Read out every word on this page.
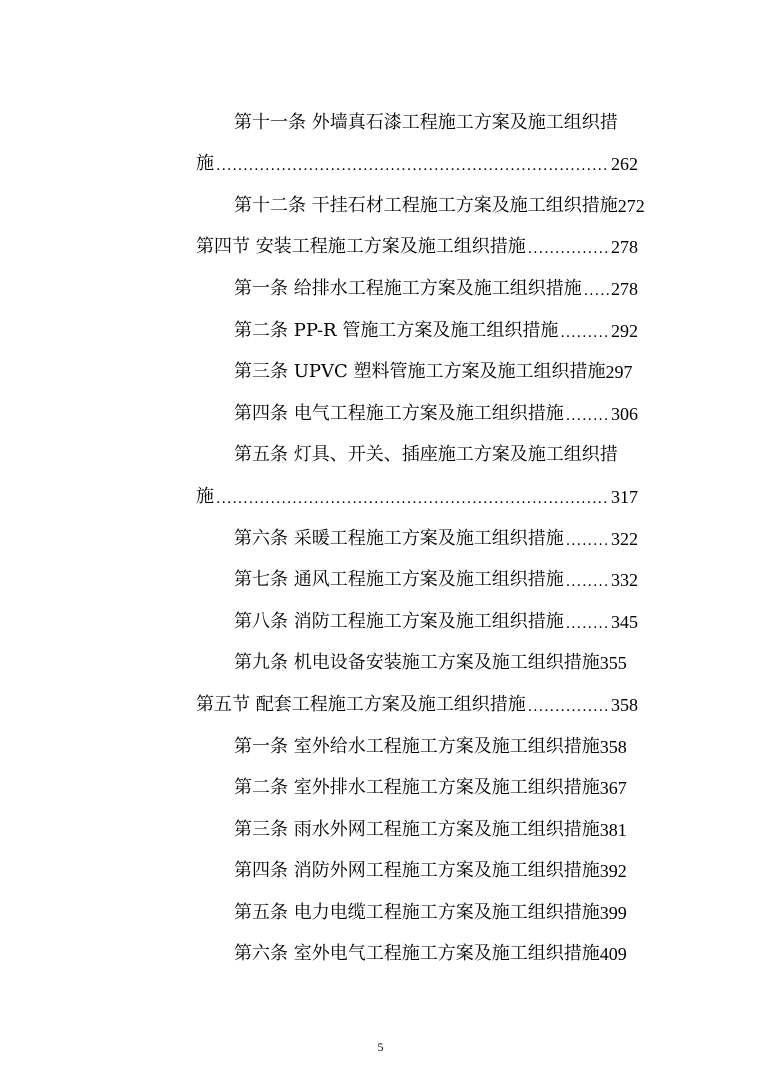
第十一条 外墙真石漆工程施工方案及施工组织措
施 .....	262
第十二条 干挂石材工程施工方案及施工组织措施 272
第四节 安装工程施工方案及施工组织措施 .....	278
第一条 给排水工程施工方案及施工组织措施 ..... 278
第二条 PP-R 管施工方案及施工组织措施 .....	292
第三条 UPVC 塑料管施工方案及施工组织措施 297
第四条 电气工程施工方案及施工组织措施 .....	306
第五条 灯具、开关、插座施工方案及施工组织措
施 .....	317
第六条 采暖工程施工方案及施工组织措施 .....	322
第七条 通风工程施工方案及施工组织措施 .....	332
第八条 消防工程施工方案及施工组织措施 .....	345
第九条 机电设备安装施工方案及施工组织措施 355
第五节 配套工程施工方案及施工组织措施 .....	358
第一条 室外给水工程施工方案及施工组织措施 358
第二条 室外排水工程施工方案及施工组织措施 367
第三条 雨水外网工程施工方案及施工组织措施 381
第四条 消防外网工程施工方案及施工组织措施 392
第五条 电力电缆工程施工方案及施工组织措施 399
第六条 室外电气工程施工方案及施工组织措施 409
5
